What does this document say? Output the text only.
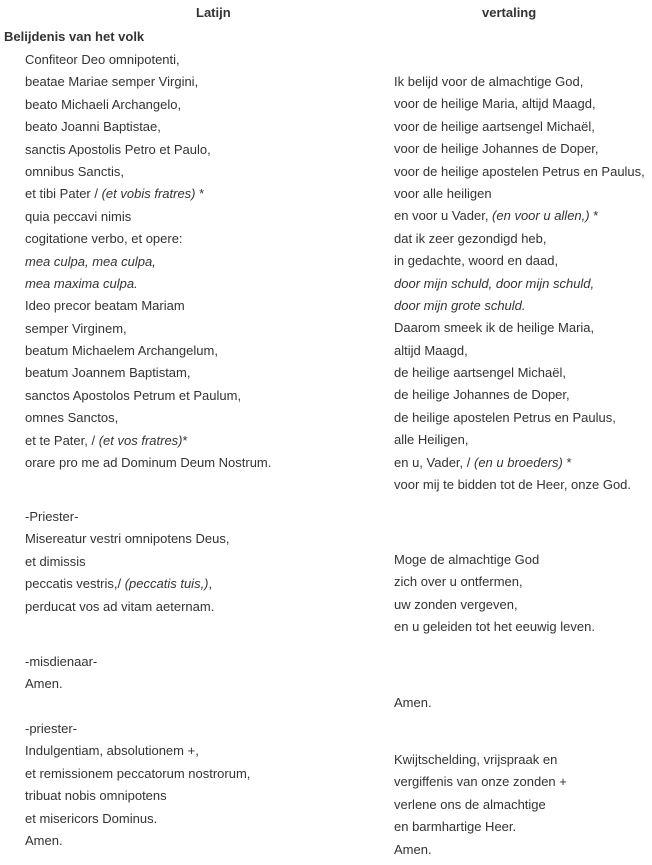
Latijn	vertaling
Belijdenis van het volk
Confiteor Deo omnipotenti,
beatae Mariae semper Virgini,
beato Michaeli Archangelo,
beato Joanni Baptistae,
sanctis Apostolis Petro et Paulo,
omnibus Sanctis,
et tibi Pater / (et vobis fratres) *
quia peccavi nimis
cogitatione verbo, et opere:
mea culpa, mea culpa,
mea maxima culpa.
Ideo precor beatam Mariam
semper Virginem,
beatum Michaelem Archangelum,
beatum Joannem Baptistam,
sanctos Apostolos Petrum et Paulum,
omnes Sanctos,
et te Pater, / (et vos fratres)*
orare pro me ad Dominum Deum Nostrum.
Ik belijd voor de almachtige God,
voor de heilige Maria, altijd Maagd,
voor de heilige aartsengel Michaël,
voor de heilige Johannes de Doper,
voor de heilige apostelen Petrus en Paulus,
voor alle heiligen
en voor u Vader, (en voor u allen,) *
dat ik zeer gezondigd heb,
in gedachte, woord en daad,
door mijn schuld, door mijn schuld,
door mijn grote schuld.
Daarom smeek ik de heilige Maria,
altijd Maagd,
de heilige aartsengel Michaël,
de heilige Johannes de Doper,
de heilige apostelen Petrus en Paulus,
alle Heiligen,
en u, Vader, / (en u broeders) *
voor mij te bidden tot de Heer, onze God.
-Priester-
Misereatur vestri omnipotens Deus,
et dimissis
peccatis vestris,/ (peccatis tuis,),
perducat vos ad vitam aeternam.
Moge de almachtige God
zich over u ontfermen,
uw zonden vergeven,
en u geleiden tot het eeuwig leven.
-misdienaar-
Amen.
Amen.
-priester-
Indulgentiam, absolutionem +,
et remissionem peccatorum nostrorum,
tribuat nobis omnipotens
et misericors Dominus.
Amen.
Kwijtschelding, vrijspraak en
vergiffenis van onze zonden +
verlene ons de almachtige
en barmhartige Heer.
Amen.
